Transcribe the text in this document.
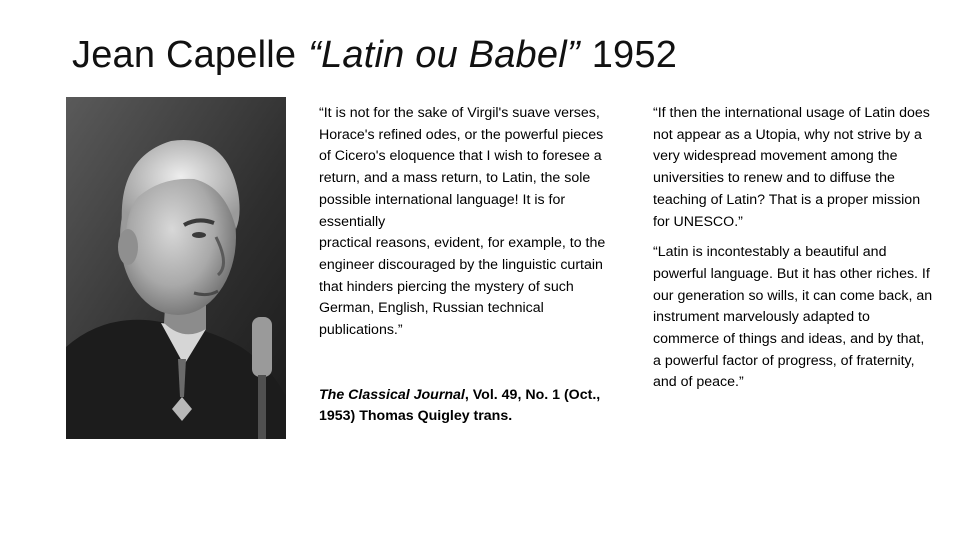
Jean Capelle “Latin ou Babel” 1952

“It is not for the sake of Virgil's suave verses, Horace's refined odes, or the powerful pieces of Cicero's eloquence that I wish to foresee a return, and a mass return, to Latin, the sole possible international language! It is for essentially

practical reasons, evident, for example, to the engineer discouraged by the linguistic curtain that hinders piercing the mystery of such German, English, Russian technical publications.”

The Classical Journal, Vol. 49, No. 1 (Oct., 1953) Thomas Quigley trans.

“If then the international usage of Latin does not appear as a Utopia, why not strive by a very widespread movement among the universities to renew and to diffuse the teaching of Latin? That is a proper mission for UNESCO.”

“Latin is incontestably a beautiful and powerful language. But it has other riches. If our generation so wills, it can come back, an instrument marvelously adapted to commerce of things and ideas, and by that, a powerful factor of progress, of fraternity, and of peace.”
